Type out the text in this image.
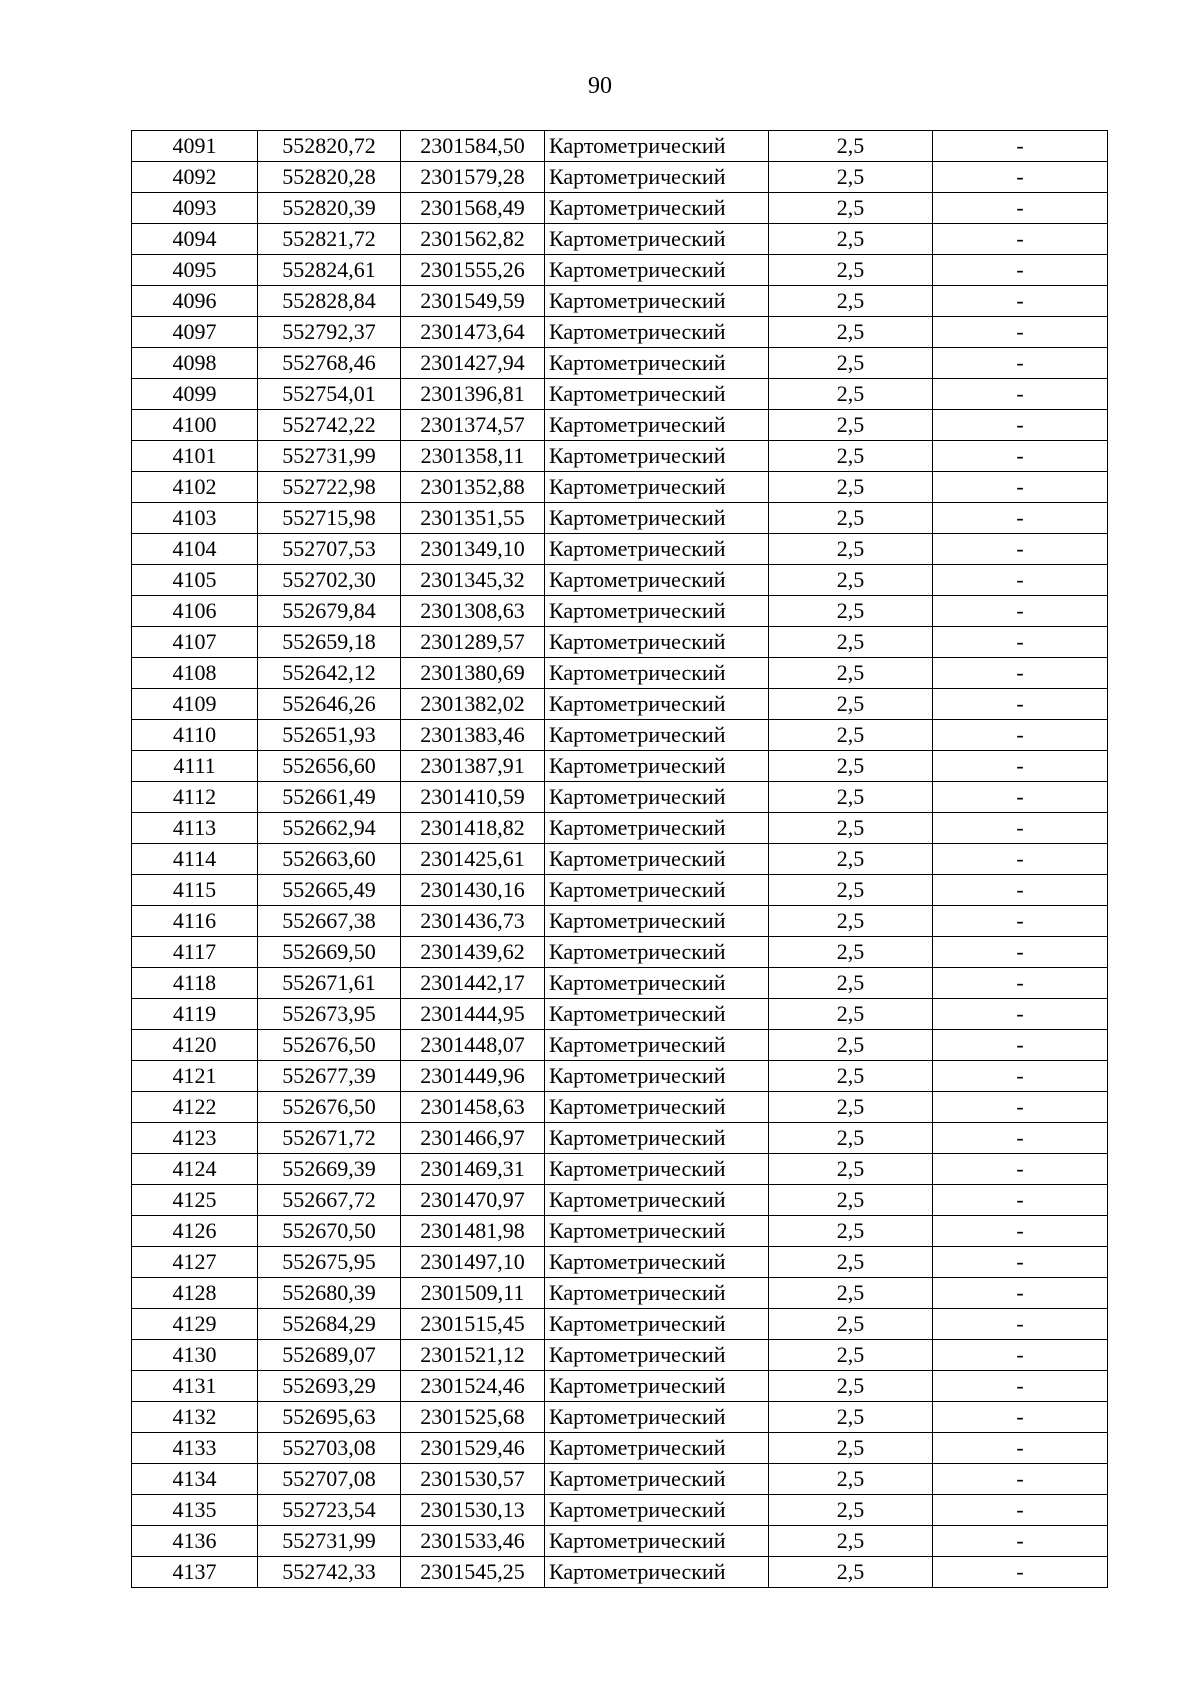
90
4091	552820,72	2301584,50	Картометрический	2,5	-
4092	552820,28	2301579,28	Картометрический	2,5	-
4093	552820,39	2301568,49	Картометрический	2,5	-
4094	552821,72	2301562,82	Картометрический	2,5	-
4095	552824,61	2301555,26	Картометрический	2,5	-
4096	552828,84	2301549,59	Картометрический	2,5	-
4097	552792,37	2301473,64	Картометрический	2,5	-
4098	552768,46	2301427,94	Картометрический	2,5	-
4099	552754,01	2301396,81	Картометрический	2,5	-
4100	552742,22	2301374,57	Картометрический	2,5	-
4101	552731,99	2301358,11	Картометрический	2,5	-
4102	552722,98	2301352,88	Картометрический	2,5	-
4103	552715,98	2301351,55	Картометрический	2,5	-
4104	552707,53	2301349,10	Картометрический	2,5	-
4105	552702,30	2301345,32	Картометрический	2,5	-
4106	552679,84	2301308,63	Картометрический	2,5	-
4107	552659,18	2301289,57	Картометрический	2,5	-
4108	552642,12	2301380,69	Картометрический	2,5	-
4109	552646,26	2301382,02	Картометрический	2,5	-
4110	552651,93	2301383,46	Картометрический	2,5	-
4111	552656,60	2301387,91	Картометрический	2,5	-
4112	552661,49	2301410,59	Картометрический	2,5	-
4113	552662,94	2301418,82	Картометрический	2,5	-
4114	552663,60	2301425,61	Картометрический	2,5	-
4115	552665,49	2301430,16	Картометрический	2,5	-
4116	552667,38	2301436,73	Картометрический	2,5	-
4117	552669,50	2301439,62	Картометрический	2,5	-
4118	552671,61	2301442,17	Картометрический	2,5	-
4119	552673,95	2301444,95	Картометрический	2,5	-
4120	552676,50	2301448,07	Картометрический	2,5	-
4121	552677,39	2301449,96	Картометрический	2,5	-
4122	552676,50	2301458,63	Картометрический	2,5	-
4123	552671,72	2301466,97	Картометрический	2,5	-
4124	552669,39	2301469,31	Картометрический	2,5	-
4125	552667,72	2301470,97	Картометрический	2,5	-
4126	552670,50	2301481,98	Картометрический	2,5	-
4127	552675,95	2301497,10	Картометрический	2,5	-
4128	552680,39	2301509,11	Картометрический	2,5	-
4129	552684,29	2301515,45	Картометрический	2,5	-
4130	552689,07	2301521,12	Картометрический	2,5	-
4131	552693,29	2301524,46	Картометрический	2,5	-
4132	552695,63	2301525,68	Картометрический	2,5	-
4133	552703,08	2301529,46	Картометрический	2,5	-
4134	552707,08	2301530,57	Картометрический	2,5	-
4135	552723,54	2301530,13	Картометрический	2,5	-
4136	552731,99	2301533,46	Картометрический	2,5	-
4137	552742,33	2301545,25	Картометрический	2,5	-
